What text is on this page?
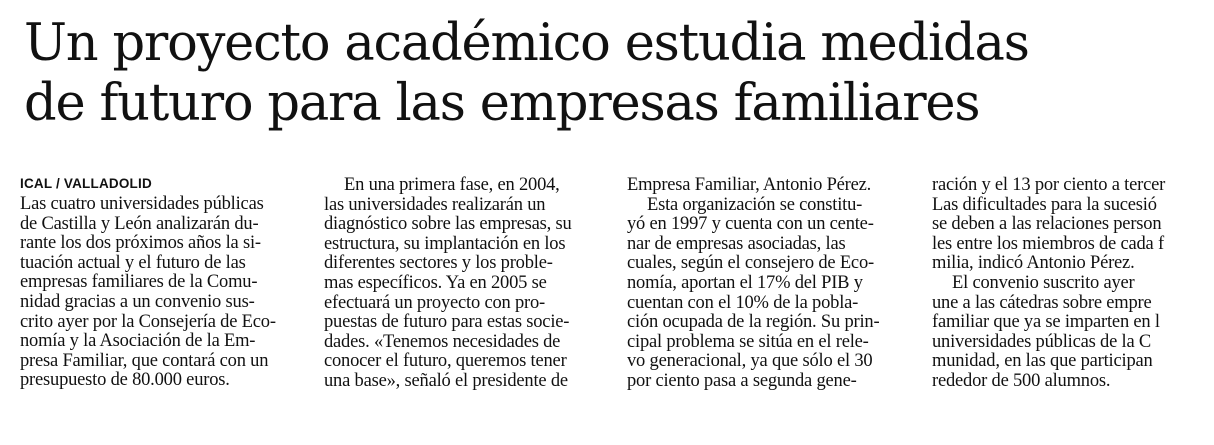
Un proyecto académico estudia medidas
de futuro para las empresas familiares
ICAL / VALLADOLID
Las cuatro universidades públicas
de Castilla y León analizarán du-
rante los dos próximos años la si-
tuación actual y el futuro de las
empresas familiares de la Comu-
nidad gracias a un convenio sus-
crito ayer por la Consejería de Eco-
nomía y la Asociación de la Em-
presa Familiar, que contará con un
presupuesto de 80.000 euros.
En una primera fase, en 2004,
las universidades realizarán un
diagnóstico sobre las empresas, su
estructura, su implantación en los
diferentes sectores y los proble-
mas específicos. Ya en 2005 se
efectuará un proyecto con pro-
puestas de futuro para estas socie-
dades. «Tenemos necesidades de
conocer el futuro, queremos tener
una base», señaló el presidente de
Empresa Familiar, Antonio Pérez.
Esta organización se constitu-
yó en 1997 y cuenta con un cente-
nar de empresas asociadas, las
cuales, según el consejero de Eco-
nomía, aportan el 17% del PIB y
cuentan con el 10% de la pobla-
ción ocupada de la región. Su prin-
cipal problema se sitúa en el rele-
vo generacional, ya que sólo el 30
por ciento pasa a segunda gene-
ración y el 13 por ciento a tercer
Las dificultades para la sucesió
se deben a las relaciones person
les entre los miembros de cada f
milia, indicó Antonio Pérez.
El convenio suscrito ayer
une a las cátedras sobre empre
familiar que ya se imparten en l
universidades públicas de la C
munidad, en las que participan
rededor de 500 alumnos.
